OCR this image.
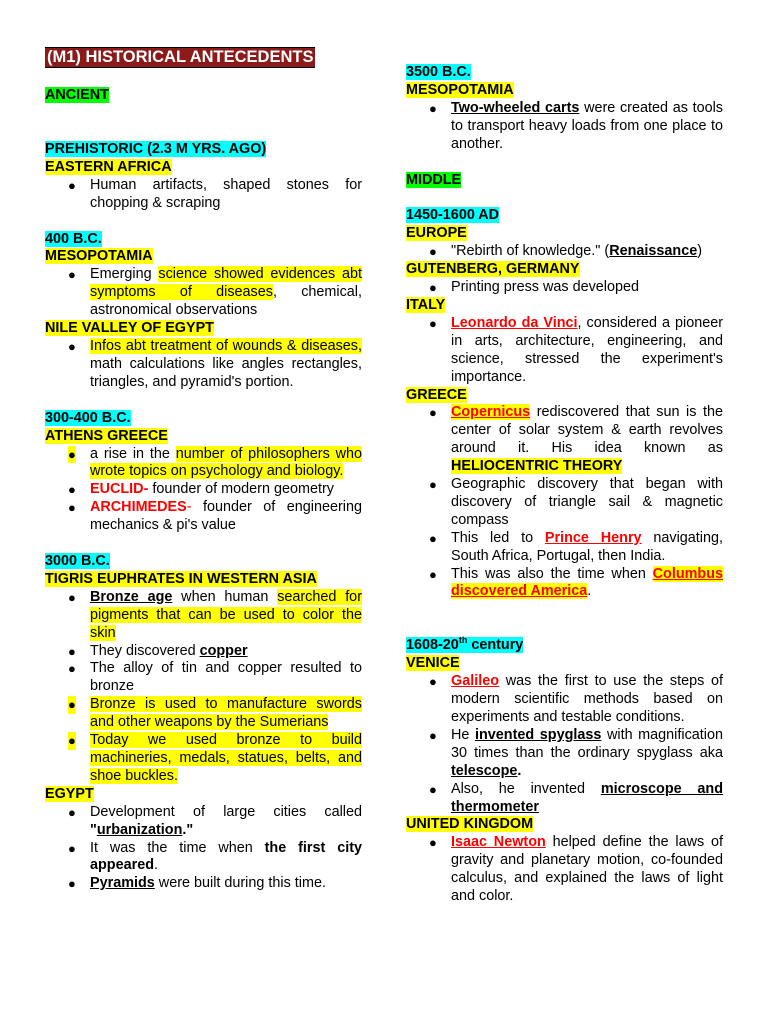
(M1) HISTORICAL ANTECEDENTS
ANCIENT
PREHISTORIC (2.3 M YRS. AGO)
EASTERN AFRICA
● Human artifacts, shaped stones for chopping & scraping
400 B.C.
MESOPOTAMIA
● Emerging science showed evidences abt symptoms of diseases, chemical, astronomical observations
NILE VALLEY OF EGYPT
● Infos abt treatment of wounds & diseases, math calculations like angles rectangles, triangles, and pyramid's portion.
300-400 B.C.
ATHENS GREECE
● a rise in the number of philosophers who wrote topics on psychology and biology.
● EUCLID- founder of modern geometry
● ARCHIMEDES- founder of engineering mechanics & pi's value
3000 B.C.
TIGRIS EUPHRATES IN WESTERN ASIA
● Bronze age when human searched for pigments that can be used to color the skin
● They discovered copper
● The alloy of tin and copper resulted to bronze
● Bronze is used to manufacture swords and other weapons by the Sumerians
● Today we used bronze to build machineries, medals, statues, belts, and shoe buckles.
EGYPT
● Development of large cities called "urbanization."
● It was the time when the first city appeared.
● Pyramids were built during this time.
3500 B.C.
MESOPOTAMIA
● Two-wheeled carts were created as tools to transport heavy loads from one place to another.
MIDDLE
1450-1600 AD
EUROPE
● "Rebirth of knowledge." (Renaissance)
GUTENBERG, GERMANY
● Printing press was developed
ITALY
● Leonardo da Vinci, considered a pioneer in arts, architecture, engineering, and science, stressed the experiment's importance.
GREECE
● Copernicus rediscovered that sun is the center of solar system & earth revolves around it. His idea known as HELIOCENTRIC THEORY
● Geographic discovery that began with discovery of triangle sail & magnetic compass
● This led to Prince Henry navigating, South Africa, Portugal, then India.
● This was also the time when Columbus discovered America.
1608-20th century
VENICE
● Galileo was the first to use the steps of modern scientific methods based on experiments and testable conditions.
● He invented spyglass with magnification 30 times than the ordinary spyglass aka telescope.
● Also, he invented microscope and thermometer
UNITED KINGDOM
● Isaac Newton helped define the laws of gravity and planetary motion, co-founded calculus, and explained the laws of light and color.
